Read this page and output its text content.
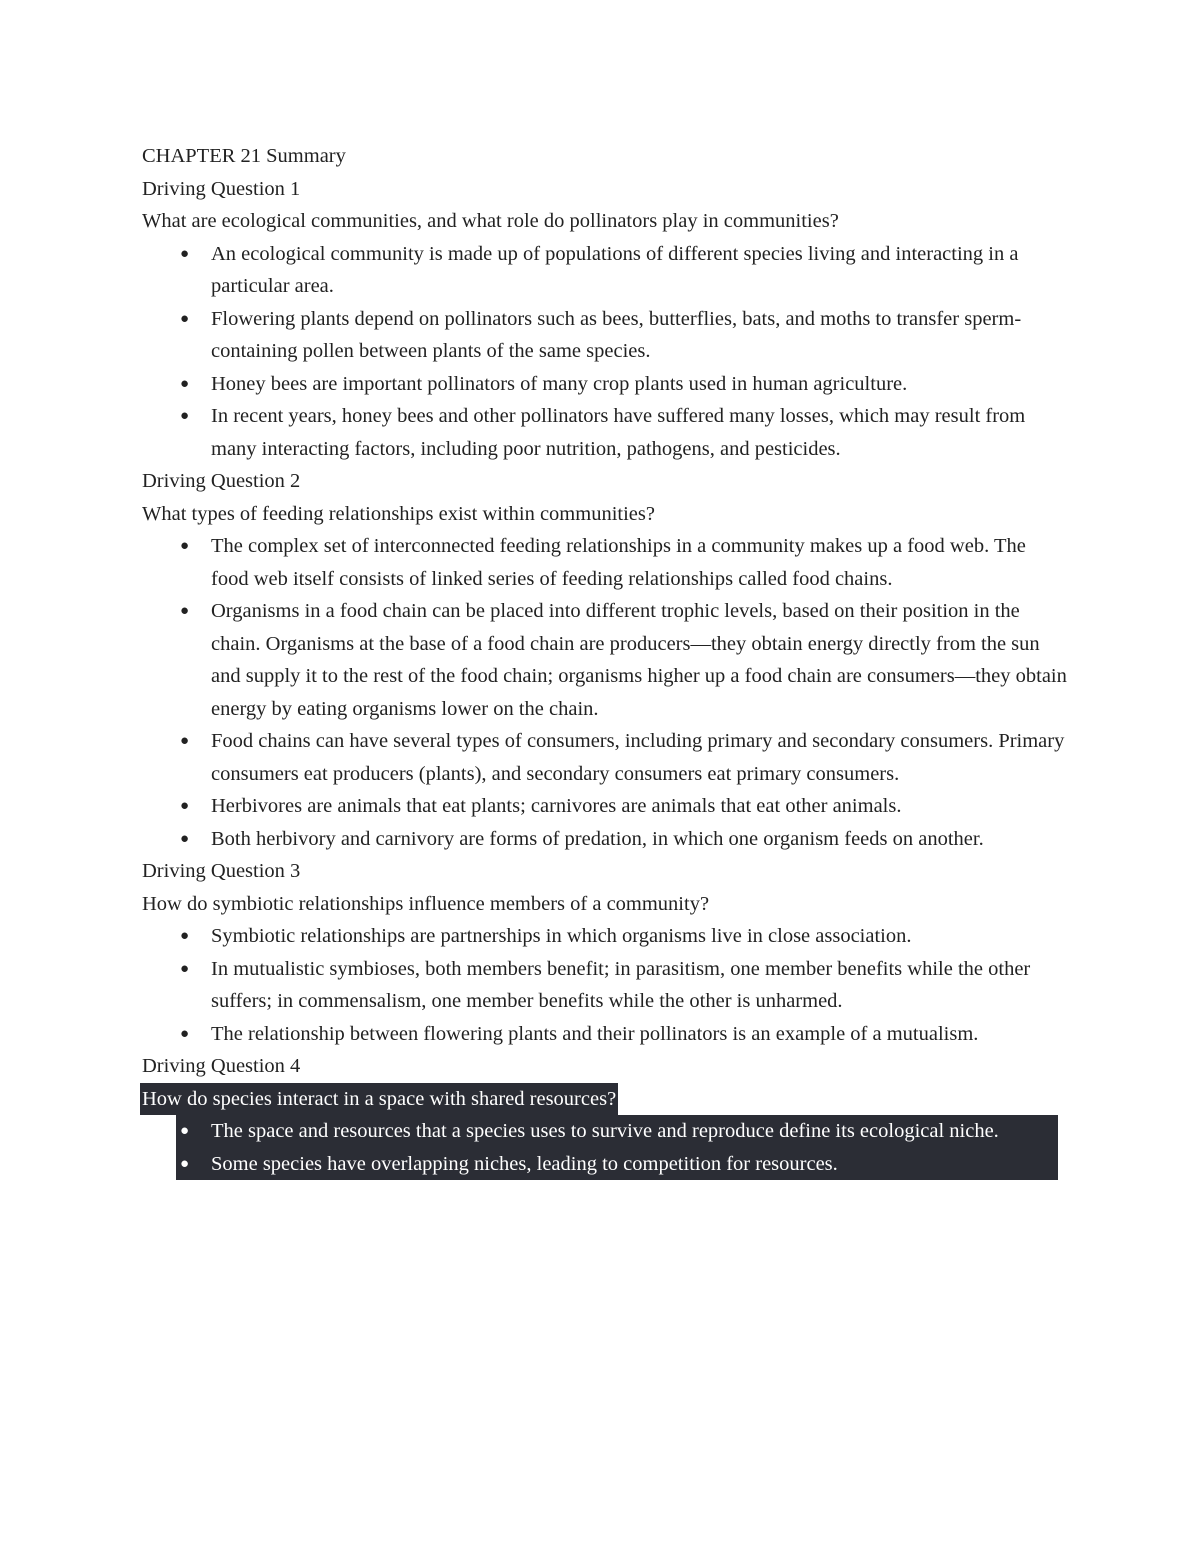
CHAPTER 21 Summary
Driving Question 1
What are ecological communities, and what role do pollinators play in communities?
● An ecological community is made up of populations of different species living and interacting in a particular area.
● Flowering plants depend on pollinators such as bees, butterflies, bats, and moths to transfer sperm-containing pollen between plants of the same species.
● Honey bees are important pollinators of many crop plants used in human agriculture.
● In recent years, honey bees and other pollinators have suffered many losses, which may result from many interacting factors, including poor nutrition, pathogens, and pesticides.
Driving Question 2
What types of feeding relationships exist within communities?
● The complex set of interconnected feeding relationships in a community makes up a food web. The food web itself consists of linked series of feeding relationships called food chains.
● Organisms in a food chain can be placed into different trophic levels, based on their position in the chain. Organisms at the base of a food chain are producers—they obtain energy directly from the sun and supply it to the rest of the food chain; organisms higher up a food chain are consumers—they obtain energy by eating organisms lower on the chain.
● Food chains can have several types of consumers, including primary and secondary consumers. Primary consumers eat producers (plants), and secondary consumers eat primary consumers.
● Herbivores are animals that eat plants; carnivores are animals that eat other animals.
● Both herbivory and carnivory are forms of predation, in which one organism feeds on another.
Driving Question 3
How do symbiotic relationships influence members of a community?
● Symbiotic relationships are partnerships in which organisms live in close association.
● In mutualistic symbioses, both members benefit; in parasitism, one member benefits while the other suffers; in commensalism, one member benefits while the other is unharmed.
● The relationship between flowering plants and their pollinators is an example of a mutualism.
Driving Question 4
How do species interact in a space with shared resources?
● The space and resources that a species uses to survive and reproduce define its ecological niche.
● Some species have overlapping niches, leading to competition for resources.
